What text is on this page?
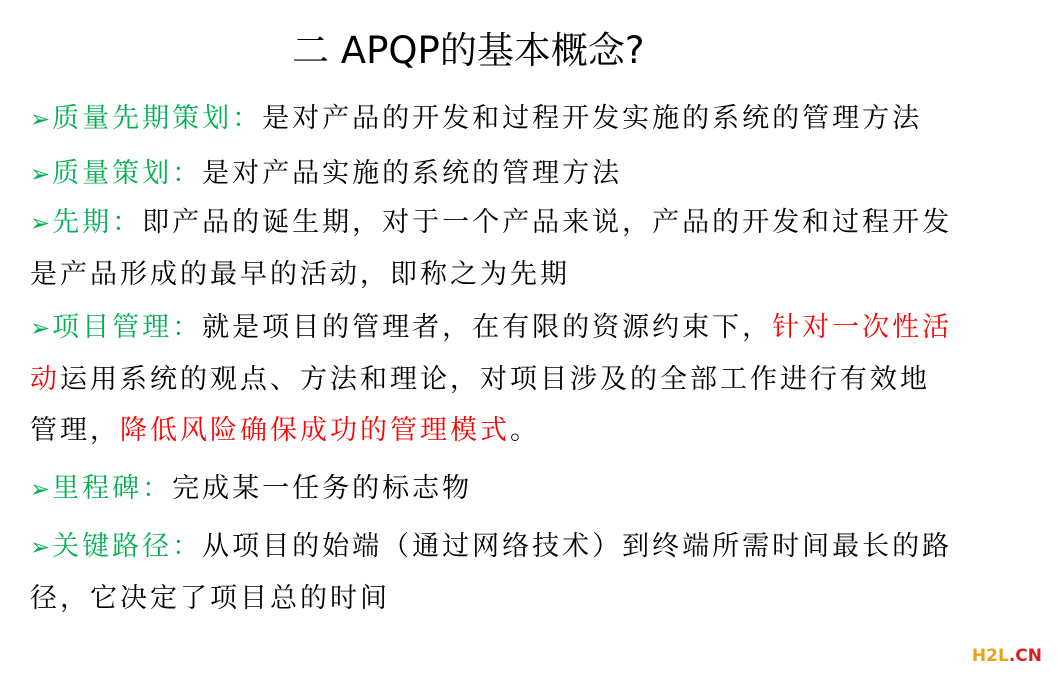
二 APQP的基本概念?
➢质量先期策划：是对产品的开发和过程开发实施的系统的管理方法
➢质量策划：是对产品实施的系统的管理方法
➢先期：即产品的诞生期，对于一个产品来说，产品的开发和过程开发
是产品形成的最早的活动，即称之为先期
➢项目管理：就是项目的管理者，在有限的资源约束下，针对一次性活
动运用系统的观点、方法和理论，对项目涉及的全部工作进行有效地
管理，降低风险确保成功的管理模式。
➢里程碑：完成某一任务的标志物
➢关键路径：从项目的始端（通过网络技术）到终端所需时间最长的路
径，它决定了项目总的时间
H2L.CN
